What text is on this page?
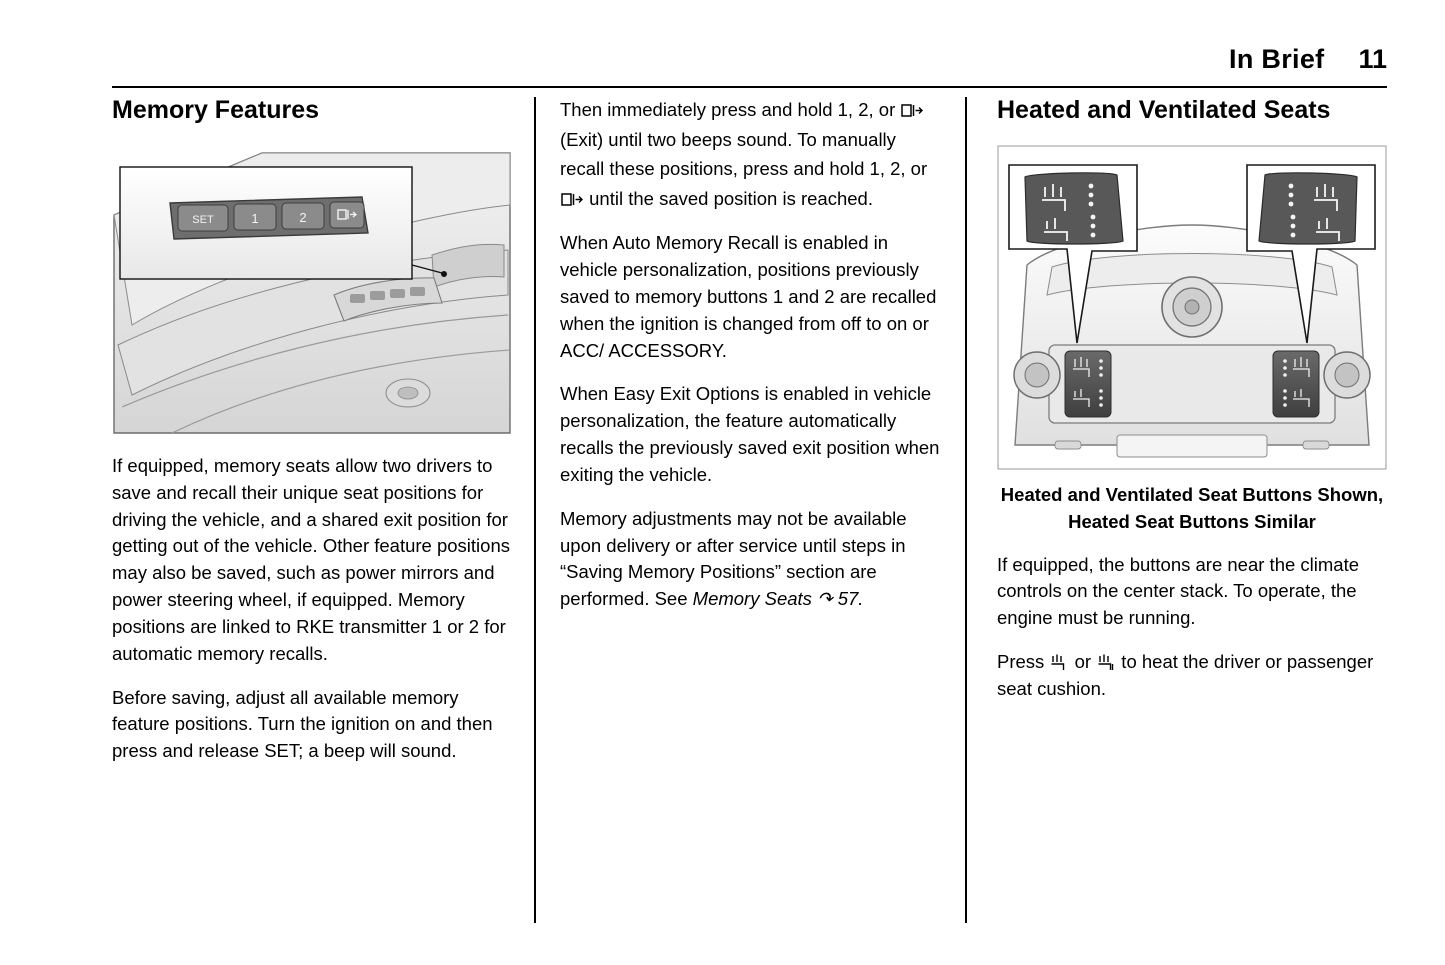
In Brief 11
Memory Features
SET	1	2

If equipped, memory seats allow two drivers to save and recall their unique seat positions for driving the vehicle, and a shared exit position for getting out of the vehicle. Other feature positions may also be saved, such as power mirrors and power steering wheel, if equipped. Memory positions are linked to RKE transmitter 1 or 2 for automatic memory recalls.

Before saving, adjust all available memory feature positions. Turn the ignition on and then press and release SET; a beep will sound.

Then immediately press and hold 1, 2, or  (Exit) until two beeps sound. To manually recall these positions, press and hold 1, 2, or  until the saved position is reached.

When Auto Memory Recall is enabled in vehicle personalization, positions previously saved to memory buttons 1 and 2 are recalled when the ignition is changed from off to on or ACC/ ACCESSORY.

When Easy Exit Options is enabled in vehicle personalization, the feature automatically recalls the previously saved exit position when exiting the vehicle.

Memory adjustments may not be available upon delivery or after service until steps in “Saving Memory Positions” section are performed. See Memory Seats ↷ 57.

Heated and Ventilated Seats

Heated and Ventilated Seat Buttons Shown, Heated Seat Buttons Similar

If equipped, the buttons are near the climate controls on the center stack. To operate, the engine must be running.

Press  or  to heat the driver or passenger seat cushion.
